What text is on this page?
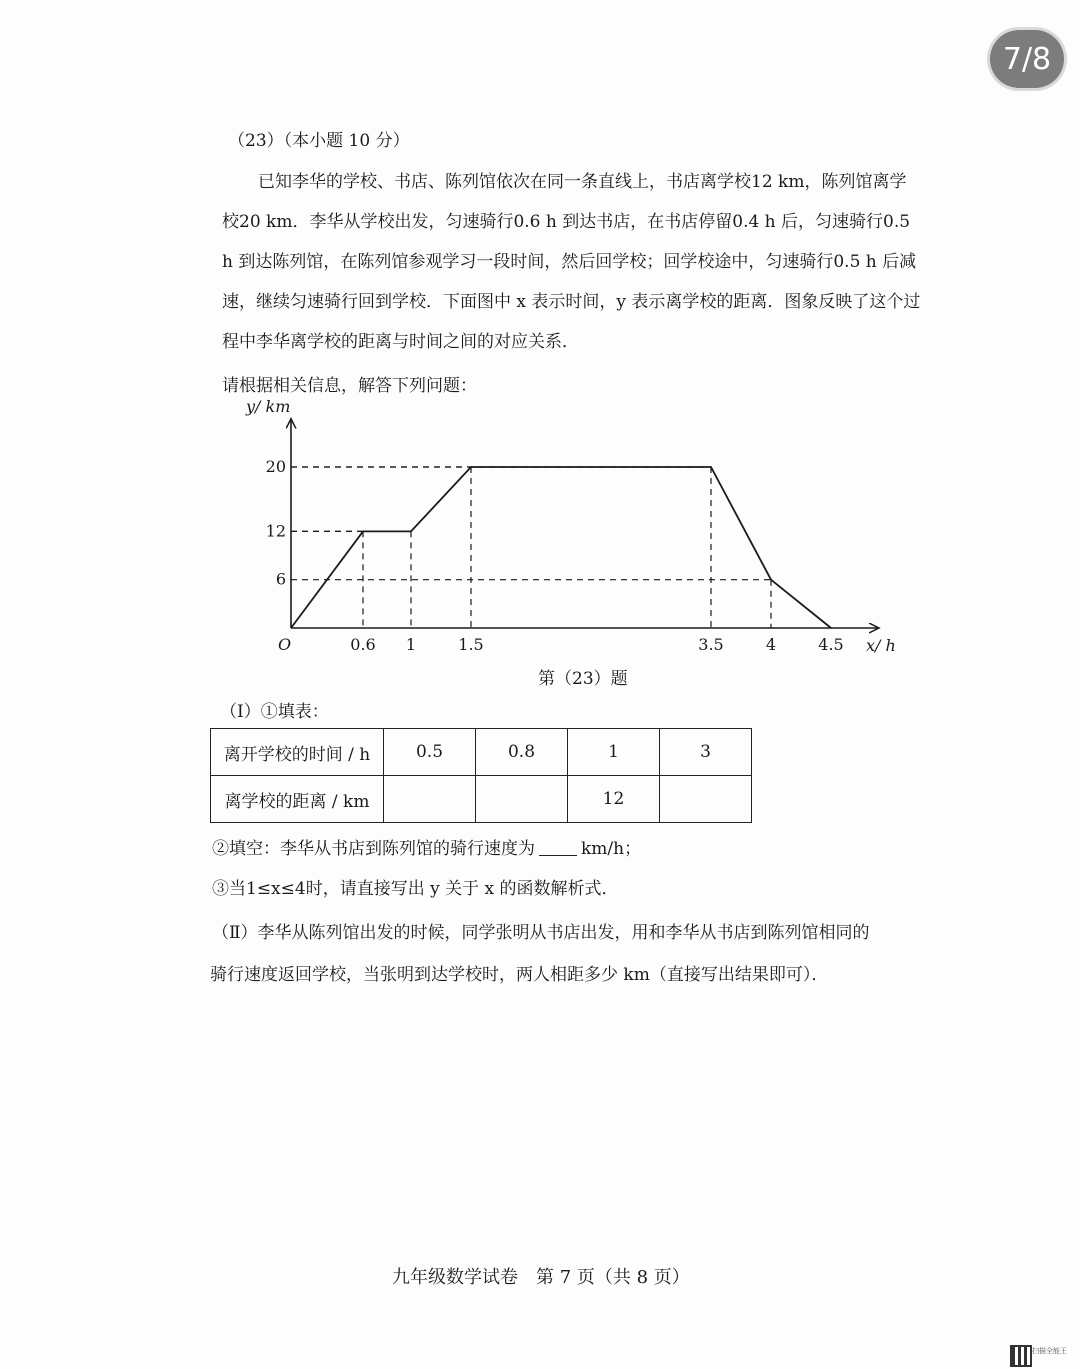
7/8
（23）（本小题 10 分）
已知李华的学校、书店、陈列馆依次在同一条直线上，书店离学校12 km，陈列馆离学校20 km．李华从学校出发，匀速骑行0.6 h 到达书店，在书店停留0.4 h 后，匀速骑行0.5 h 到达陈列馆，在陈列馆参观学习一段时间，然后回学校；回学校途中，匀速骑行0.5 h 后减速，继续匀速骑行回到学校．下面图中 x 表示时间，y 表示离学校的距离．图象反映了这个过程中李华离学校的距离与时间之间的对应关系．
请根据相关信息，解答下列问题：
0.6 1	1.5	3.5	4	4.5
6
12
20
y/ km
x/ h
O
第（23）题
（Ⅰ）①填表：
离开学校的时间 / h	0.5	0.8	1	3
离学校的距离 / km			12	
②填空：李华从书店到陈列馆的骑行速度为	km/h；
③当1≤x≤4时，请直接写出 y 关于 x 的函数解析式．
（Ⅱ）李华从陈列馆出发的时候，同学张明从书店出发，用和李华从书店到陈列馆相同的
骑行速度返回学校，当张明到达学校时，两人相距多少 km（直接写出结果即可）．
九年级数学试卷　第 7 页（共 8 页）
扫描全能王
